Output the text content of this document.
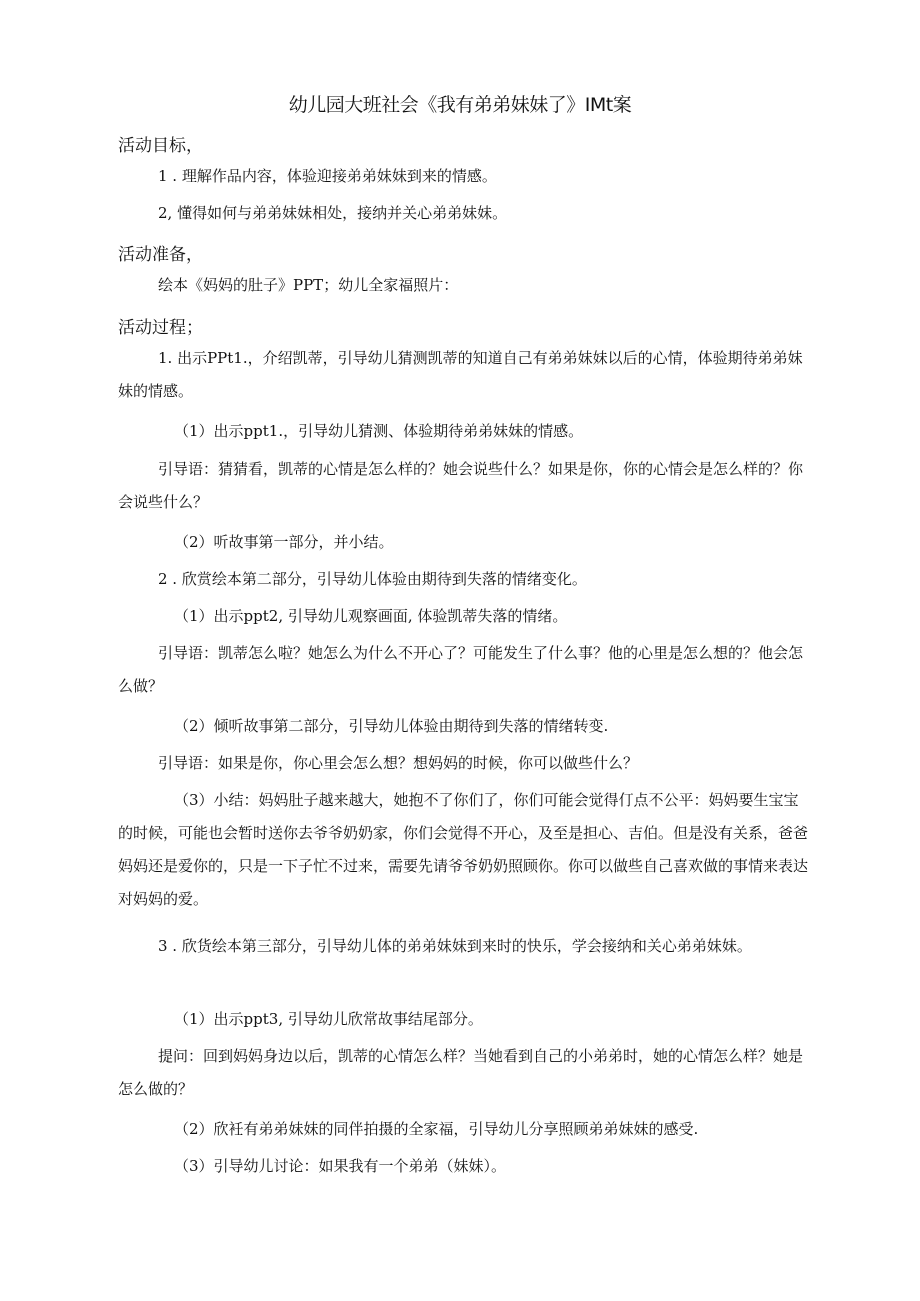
幼儿园大班社会《我有弟弟妹妹了》IMt案
活动目标，

1 . 理解作品内容，体验迎接弟弟妹妹到来的情感。

2, 懂得如何与弟弟妹妹相处，接纳并关心弟弟妹妹。

活动准备，

绘本《妈妈的肚子》PPT；幼儿全家福照片：

活动过程；

1. 出示PPt1.，介绍凯蒂，引导幼儿猜测凯蒂的知道自己有弟弟妹妹以后的心情，体验期待弟弟妹妹的情感。

（1）出示ppt1.，引导幼儿猜测、体验期待弟弟妹妹的情感。

引导语：猜猜看，凯蒂的心情是怎么样的？她会说些什么？如果是你，你的心情会是怎么样的？你会说些什么？

（2）听故事第一部分，并小结。

2 . 欣赏绘本第二部分，引导幼儿体验由期待到失落的情绪变化。

（1）出示ppt2, 引导幼儿观察画面, 体验凯蒂失落的情绪。

引导语：凯蒂怎么啦？她怎么为什么不开心了？可能发生了什么事？他的心里是怎么想的？他会怎么做？

（2）倾听故事第二部分，引导幼儿体验由期待到失落的情绪转变.

引导语：如果是你，你心里会怎么想？想妈妈的时候，你可以做些什么？

（3）小结：妈妈肚子越来越大，她抱不了你们了，你们可能会觉得仃点不公平：妈妈要生宝宝的时候，可能也会暂时送你去爷爷奶奶家，你们会觉得不开心，及至是担心、吉伯。但是没有关系，爸爸妈妈还是爱你的，只是一下子忙不过来，需要先请爷爷奶奶照顾你。你可以做些自己喜欢做的事情来表达对妈妈的爱。

3 . 欣货绘本第三部分，引导幼儿体的弟弟妹妹到来时的快乐，学会接纳和关心弟弟妹妹。

（1）出示ppt3, 引导幼儿欣常故事结尾部分。

提问：回到妈妈身边以后，凯蒂的心情怎么样？当她看到自己的小弟弟时，她的心情怎么样？她是怎么做的？

（2）欣衽有弟弟妹妹的同伴拍摄的全家福，引导幼儿分享照顾弟弟妹妹的感受.

（3）引导幼儿讨论：如果我有一个弟弟（妹妹）。
